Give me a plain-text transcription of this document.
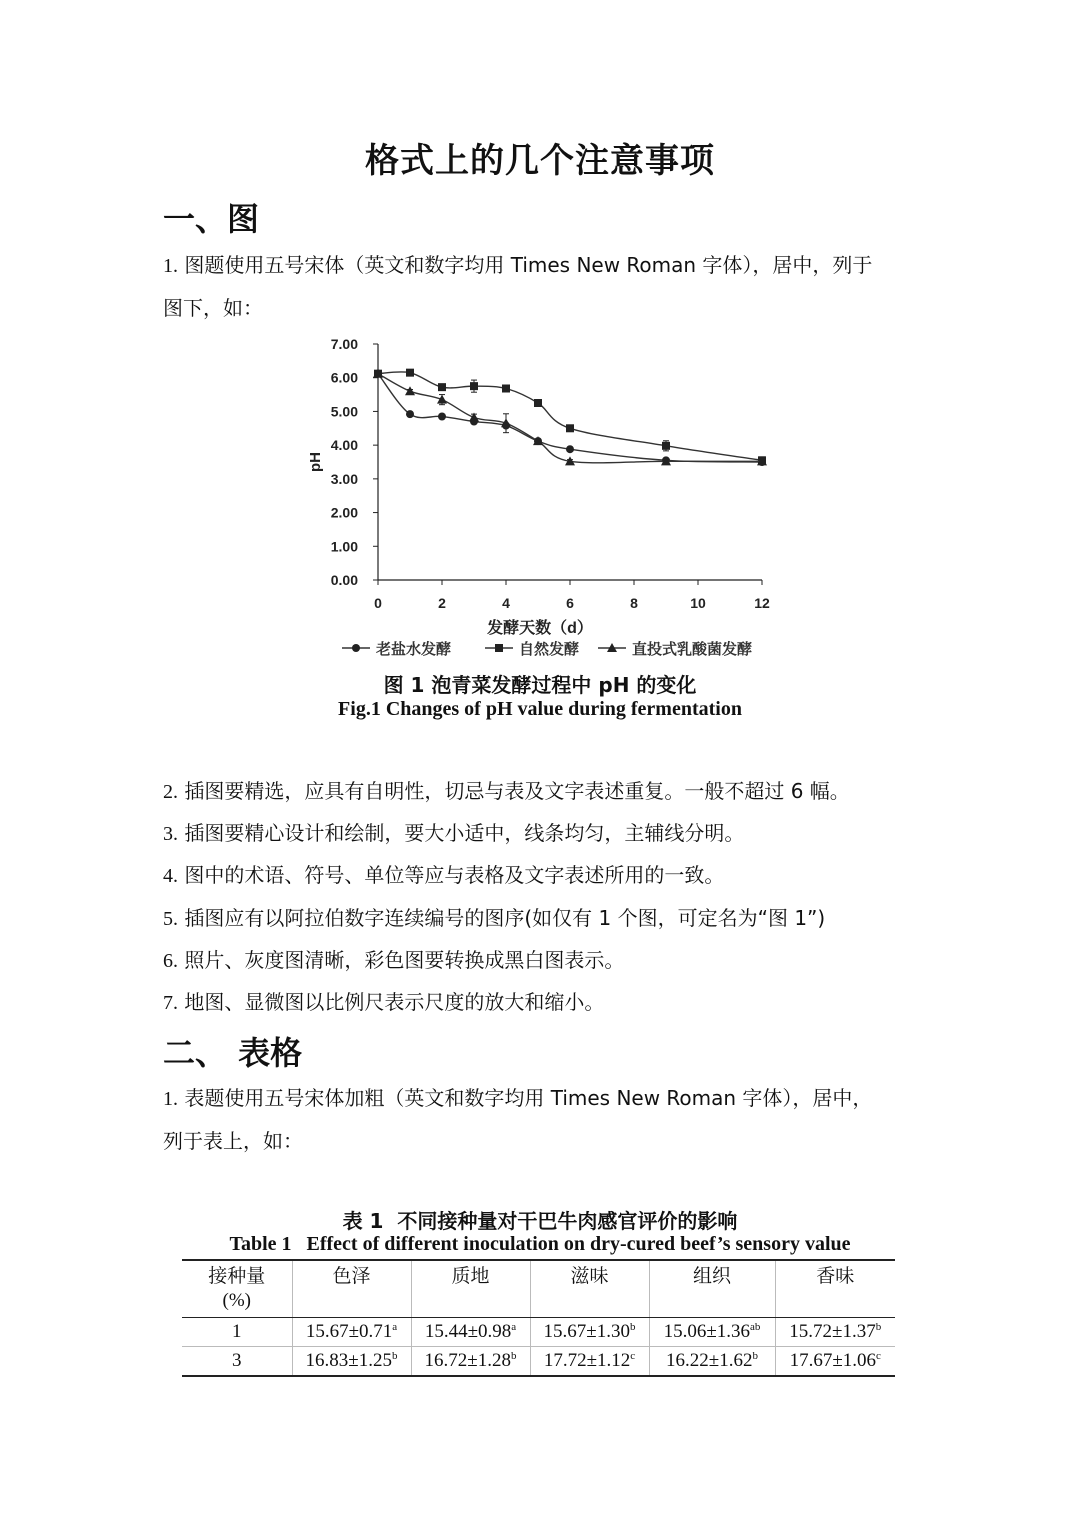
格式上的几个注意事项
一、图
1. 图题使用五号宋体（英文和数字均用 Times New Roman 字体），居中，列于
图下，如：
0.00
1.00
2.00
3.00
4.00
5.00
6.00
7.00
0	2	4	6	8	10	12
pH
发酵天数（d）
老盐水发酵	自然发酵	直投式乳酸菌发酵
图 1 泡青菜发酵过程中 pH 的变化
Fig.1 Changes of pH value during fermentation
2. 插图要精选，应具有自明性，切忌与表及文字表述重复。一般不超过 6 幅。
3. 插图要精心设计和绘制，要大小适中，线条均匀，主辅线分明。
4. 图中的术语、符号、单位等应与表格及文字表述所用的一致。
5. 插图应有以阿拉伯数字连续编号的图序(如仅有 1 个图，可定名为“图 1”)
6. 照片、灰度图清晰，彩色图要转换成黑白图表示。
7. 地图、显微图以比例尺表示尺度的放大和缩小。
二、 表格
1. 表题使用五号宋体加粗（英文和数字均用 Times New Roman 字体），居中，
列于表上，如：
表 1  不同接种量对干巴牛肉感官评价的影响
Table 1   Effect of different inoculation on dry-cured beef’s sensory value
接种量
(%)	色泽	质地	滋味	组织	香味
1	15.67±0.71$^a$	15.44±0.98$^a$	15.67±1.30$^b$	15.06±1.36$^{ab}$	15.72±1.37$^b$
3	16.83±1.25$^b$	16.72±1.28$^b$	17.72±1.12$^c$	16.22±1.62$^b$	17.67±1.06$^c$
